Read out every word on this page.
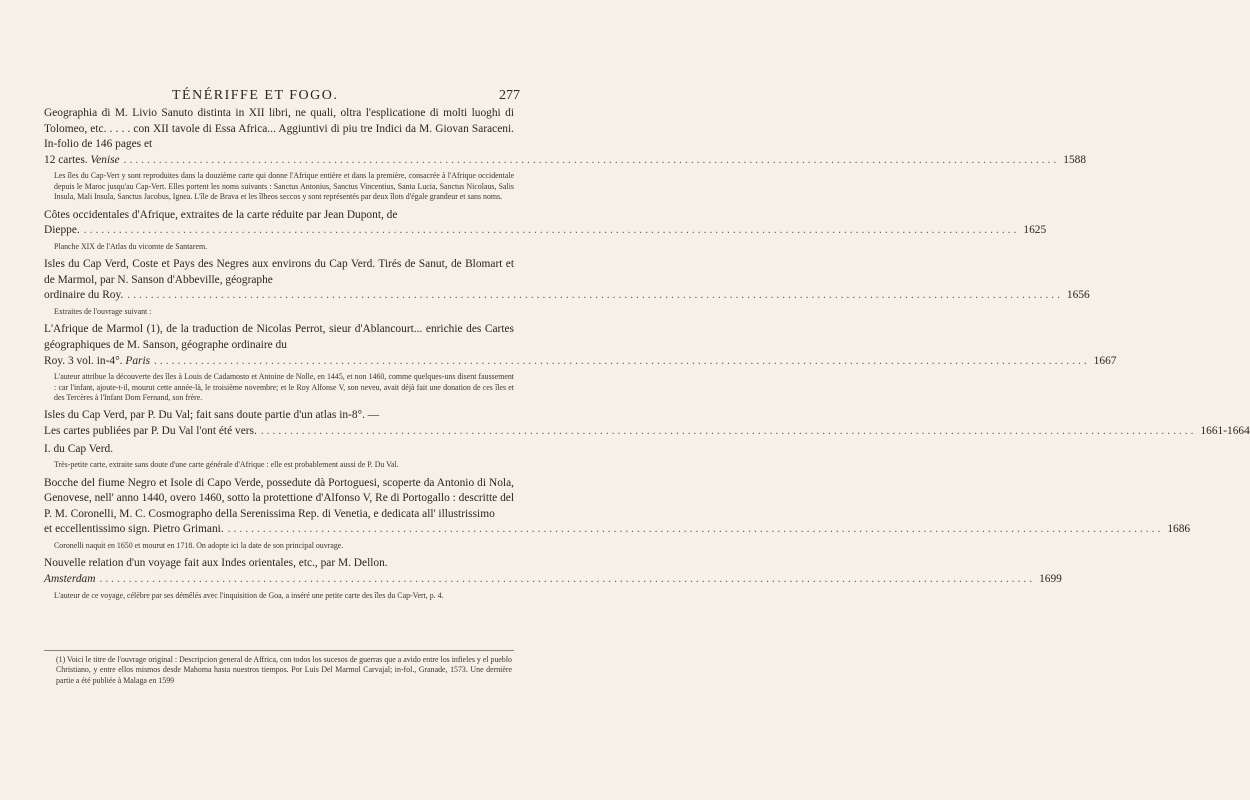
TÉNÉRIFFE ET FOGO.	277
Geographia di M. Livio Sanuto distinta in XII libri, ne quali, oltra l'esplicatione di molti luoghi di Tolomeo, etc. . . . . con XII tavole di Essa Africa... Aggiuntivi di piu tre Indici da M. Giovan Saraceni. In-folio de 146 pages et
12 cartes. Venise ................................................................................................................................................................ 1588
Les îles du Cap-Vert y sont reproduites dans la douzième carte qui donne l'Afrique entière et dans la première, consacrée à l'Afrique occidentale depuis le Maroc jusqu'au Cap-Vert. Elles portent les noms suivants : Sanctus Antonius, Sanctus Vincentius, Santa Lucia, Sanctus Nicolaus, Salis Insula, Mali Insula, Sanctus Jacobus, Ignea. L'île de Brava et les îlheos seccos y sont représentés par deux îlots d'égale grandeur et sans noms.
Côtes occidentales d'Afrique, extraites de la carte réduite par Jean Dupont, de
Dieppe. ................................................................................................................................................................ 1625
Planche XIX de l'Atlas du vicomte de Santarem.
Isles du Cap Verd, Coste et Pays des Negres aux environs du Cap Verd. Tirés de Sanut, de Blomart et de Marmol, par N. Sanson d'Abbeville, géographe
ordinaire du Roy. ................................................................................................................................................................ 1656
Extraites de l'ouvrage suivant :
L'Afrique de Marmol (1), de la traduction de Nicolas Perrot, sieur d'Ablancourt... enrichie des Cartes géographiques de M. Sanson, géographe ordinaire du
Roy. 3 vol. in-4°. Paris ................................................................................................................................................................ 1667
L'auteur attribue la découverte des îles à Louis de Cadamosto et Antoine de Nolle, en 1445, et non 1460, comme quelques-uns disent faussement : car l'infant, ajoute-t-il, mourut cette année-là, le troisième novembre; et le Roy Alfonse V, son neveu, avait déjà fait une donation de ces îles et des Tercères à l'Infant Dom Fernand, son frère.
Isles du Cap Verd, par P. Du Val; fait sans doute partie d'un atlas in-8°. —
Les cartes publiées par P. Du Val l'ont été vers. ................................................................................................................................................................ 1661-1664
I. du Cap Verd.
Très-petite carte, extraite sans doute d'une carte générale d'Afrique : elle est probablement aussi de P. Du Val.
Bocche del fiume Negro et Isole di Capo Verde, possedute dà Portoguesi, scoperte da Antonio di Nola, Genovese, nell' anno 1440, overo 1460, sotto la protettione d'Alfonso V, Re di Portogallo : descritte del P. M. Coronelli, M. C. Cosmographo della Serenissima Rep. di Venetia, e dedicata all' illustrissimo
et eccellentissimo sign. Pietro Grimani. ................................................................................................................................................................ 1686
Coronelli naquit en 1650 et mourut en 1718. On adopte ici la date de son principal ouvrage.
Nouvelle relation d'un voyage fait aux Indes orientales, etc., par M. Dellon.
Amsterdam ................................................................................................................................................................ 1699
L'auteur de ce voyage, célèbre par ses démêlés avec l'inquisition de Goa, a inséré une petite carte des îles du Cap-Vert, p. 4.
(1) Voici le titre de l'ouvrage original : Descripcion general de Affrica, con todos los sucesos de guerras que a avido entre los infieles y el pueblo Christiano, y entre ellos mismos desde Mahoma hasta nuestros tiempos. Por Luis Del Marmol Carvajal; in-fol., Granade, 1573. Une dernière partie a été publiée à Malaga en 1599
